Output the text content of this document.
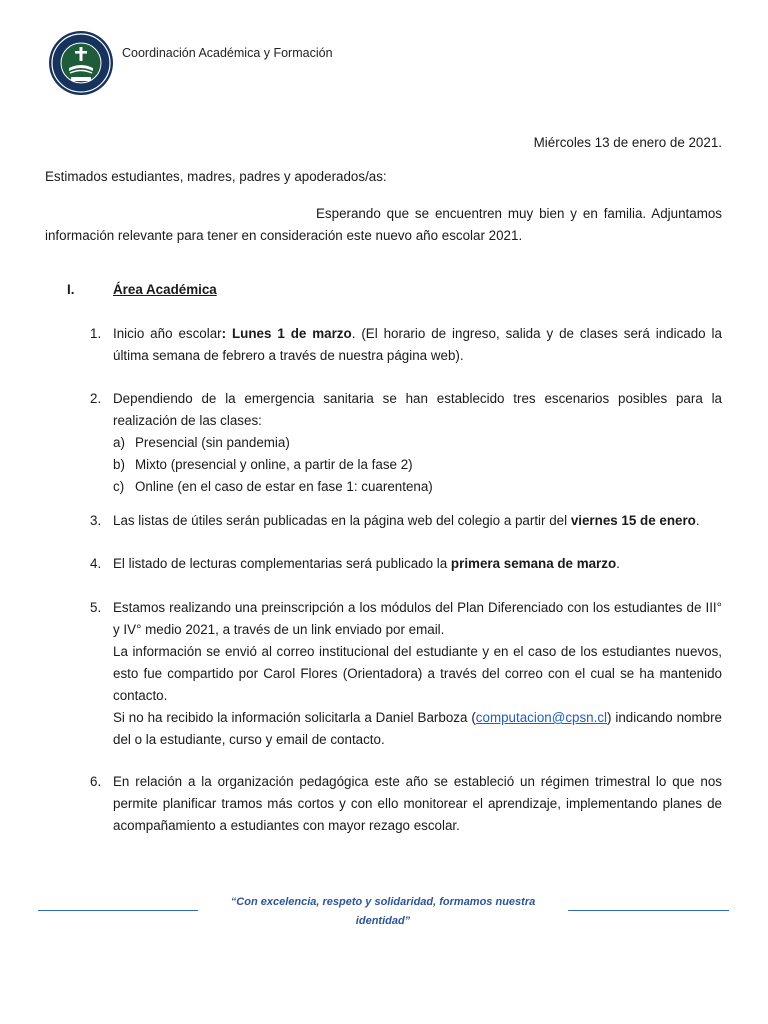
Coordinación Académica y Formación
Miércoles 13 de enero de 2021.
Estimados estudiantes, madres, padres y apoderados/as:

Esperando que se encuentren muy bien y en familia. Adjuntamos información relevante para tener en consideración este nuevo año escolar 2021.

I.	Área Académica
1. Inicio año escolar: Lunes 1 de marzo. (El horario de ingreso, salida y de clases será indicado la última semana de febrero a través de nuestra página web).

2. Dependiendo de la emergencia sanitaria se han establecido tres escenarios posibles para la realización de las clases:

a) Presencial (sin pandemia)
b) Mixto (presencial y online, a partir de la fase 2)
c) Online (en el caso de estar en fase 1: cuarentena)
3. Las listas de útiles serán publicadas en la página web del colegio a partir del viernes 15 de enero.

4. El listado de lecturas complementarias será publicado la primera semana de marzo.

5. Estamos realizando una preinscripción a los módulos del Plan Diferenciado con los estudiantes de III° y IV° medio 2021, a través de un link enviado por email.

La información se envió al correo institucional del estudiante y en el caso de los estudiantes nuevos, esto fue compartido por Carol Flores (Orientadora) a través del correo con el cual se ha mantenido contacto.

Si no ha recibido la información solicitarla a Daniel Barboza (computacion@cpsn.cl) indicando nombre del o la estudiante, curso y email de contacto.

6. En relación a la organización pedagógica este año se estableció un régimen trimestral lo que nos permite planificar tramos más cortos y con ello monitorear el aprendizaje, implementando planes de acompañamiento a estudiantes con mayor rezago escolar.

“Con excelencia, respeto y solidaridad, formamos nuestra identidad”
